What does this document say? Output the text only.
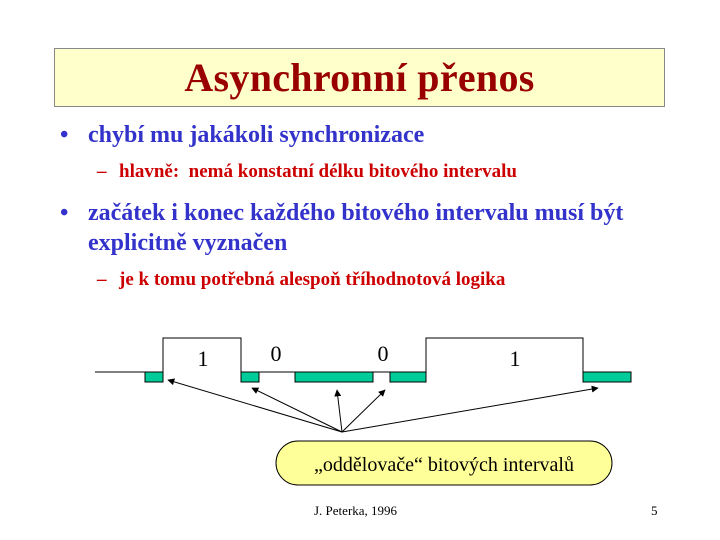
Asynchronní přenos
• chybí mu jakákoli synchronizace
– hlavně:  nemá konstatní délku bitového intervalu
• začátek i konec každého bitového intervalu musí být explicitně vyznačen
– je k tomu potřebná alespoň tříhodnotová logika
1	0	0	1
„oddělovače“ bitových intervalů
J. Peterka, 1996	5
